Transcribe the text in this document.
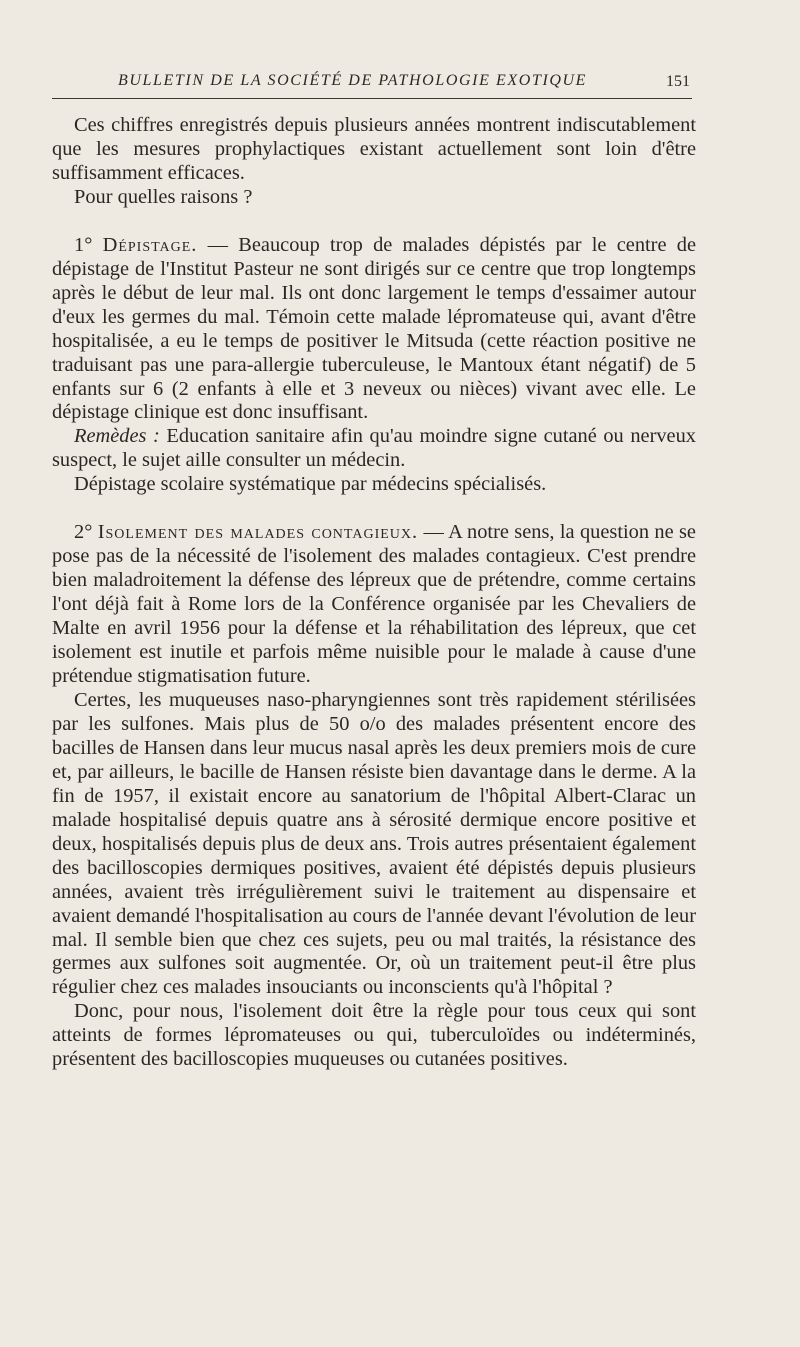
BULLETIN DE LA SOCIÉTÉ DE PATHOLOGIE EXOTIQUE	151

Ces chiffres enregistrés depuis plusieurs années montrent indiscutablement que les mesures prophylactiques existant actuellement sont loin d'être suffisamment efficaces.

Pour quelles raisons ?

1° Dépistage. — Beaucoup trop de malades dépistés par le centre de dépistage de l'Institut Pasteur ne sont dirigés sur ce centre que trop longtemps après le début de leur mal. Ils ont donc largement le temps d'essaimer autour d'eux les germes du mal. Témoin cette malade lépromateuse qui, avant d'être hospitalisée, a eu le temps de positiver le Mitsuda (cette réaction positive ne traduisant pas une para-allergie tuberculeuse, le Mantoux étant négatif) de 5 enfants sur 6 (2 enfants à elle et 3 neveux ou nièces) vivant avec elle. Le dépistage clinique est donc insuffisant.

Remèdes : Education sanitaire afin qu'au moindre signe cutané ou nerveux suspect, le sujet aille consulter un médecin.

Dépistage scolaire systématique par médecins spécialisés.

2° Isolement des malades contagieux. — A notre sens, la question ne se pose pas de la nécessité de l'isolement des malades contagieux. C'est prendre bien maladroitement la défense des lépreux que de prétendre, comme certains l'ont déjà fait à Rome lors de la Conférence organisée par les Chevaliers de Malte en avril 1956 pour la défense et la réhabilitation des lépreux, que cet isolement est inutile et parfois même nuisible pour le malade à cause d'une prétendue stigmatisation future.

Certes, les muqueuses naso-pharyngiennes sont très rapidement stérilisées par les sulfones. Mais plus de 50 o/o des malades présentent encore des bacilles de Hansen dans leur mucus nasal après les deux premiers mois de cure et, par ailleurs, le bacille de Hansen résiste bien davantage dans le derme. A la fin de 1957, il existait encore au sanatorium de l'hôpital Albert-Clarac un malade hospitalisé depuis quatre ans à sérosité dermique encore positive et deux, hospitalisés depuis plus de deux ans. Trois autres présentaient également des bacilloscopies dermiques positives, avaient été dépistés depuis plusieurs années, avaient très irrégulièrement suivi le traitement au dispensaire et avaient demandé l'hospitalisation au cours de l'année devant l'évolution de leur mal. Il semble bien que chez ces sujets, peu ou mal traités, la résistance des germes aux sulfones soit augmentée. Or, où un traitement peut-il être plus régulier chez ces malades insouciants ou inconscients qu'à l'hôpital ?

Donc, pour nous, l'isolement doit être la règle pour tous ceux qui sont atteints de formes lépromateuses ou qui, tuberculoïdes ou indéterminés, présentent des bacilloscopies muqueuses ou cutanées positives.
